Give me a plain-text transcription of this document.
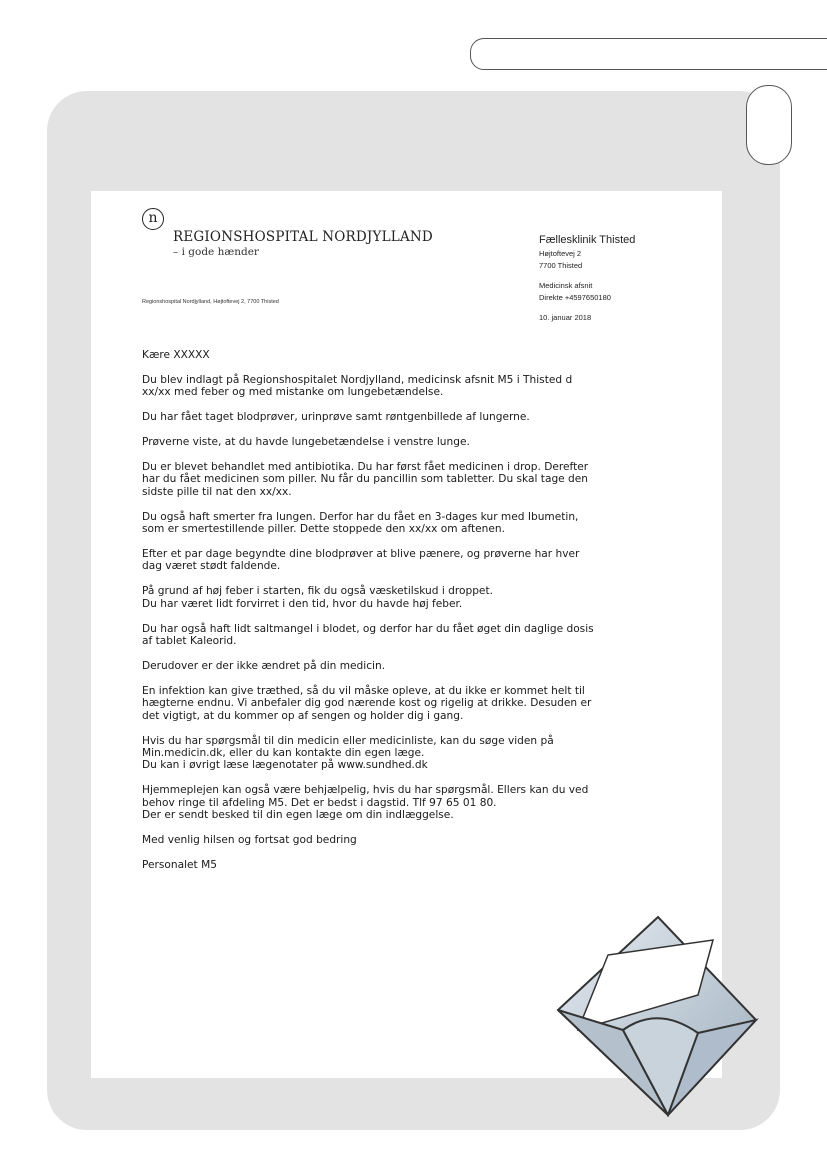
n
REGIONSHOSPITAL NORDJYLLAND
– i gode hænder
Regionshospital Nordjylland, Højtoftevej 2, 7700 Thisted
Fællesklinik Thisted
Højtoftevej 2
7700 Thisted
Medicinsk afsnit
Direkte +4597650180
10. januar 2018

Kære XXXXX

Du blev indlagt på Regionshospitalet Nordjylland, medicinsk afsnit M5 i Thisted d
xx/xx med feber og med mistanke om lungebetændelse.

Du har fået taget blodprøver, urinprøve samt røntgenbillede af lungerne.

Prøverne viste, at du havde lungebetændelse i venstre lunge.

Du er blevet behandlet med antibiotika. Du har først fået medicinen i drop. Derefter
har du fået medicinen som piller. Nu får du pancillin som tabletter. Du skal tage den
sidste pille til nat den xx/xx.

Du også haft smerter fra lungen. Derfor har du fået en 3-dages kur med Ibumetin,
som er smertestillende piller. Dette stoppede den xx/xx om aftenen.

Efter et par dage begyndte dine blodprøver at blive pænere, og prøverne har hver
dag været stødt faldende.

På grund af høj feber i starten, fik du også væsketilskud i droppet.
Du har været lidt forvirret i den tid, hvor du havde høj feber.

Du har også haft lidt saltmangel i blodet, og derfor har du fået øget din daglige dosis
af tablet Kaleorid.

Derudover er der ikke ændret på din medicin.

En infektion kan give træthed, så du vil måske opleve, at du ikke er kommet helt til
hægterne endnu. Vi anbefaler dig god nærende kost og rigelig at drikke. Desuden er
det vigtigt, at du kommer op af sengen og holder dig i gang.

Hvis du har spørgsmål til din medicin eller medicinliste, kan du søge viden på
Min.medicin.dk, eller du kan kontakte din egen læge.
Du kan i øvrigt læse lægenotater på www.sundhed.dk

Hjemmeplejen kan også være behjælpelig, hvis du har spørgsmål. Ellers kan du ved
behov ringe til afdeling M5. Det er bedst i dagstid. Tlf 97 65 01 80.
Der er sendt besked til din egen læge om din indlæggelse.

Med venlig hilsen og fortsat god bedring

Personalet M5
